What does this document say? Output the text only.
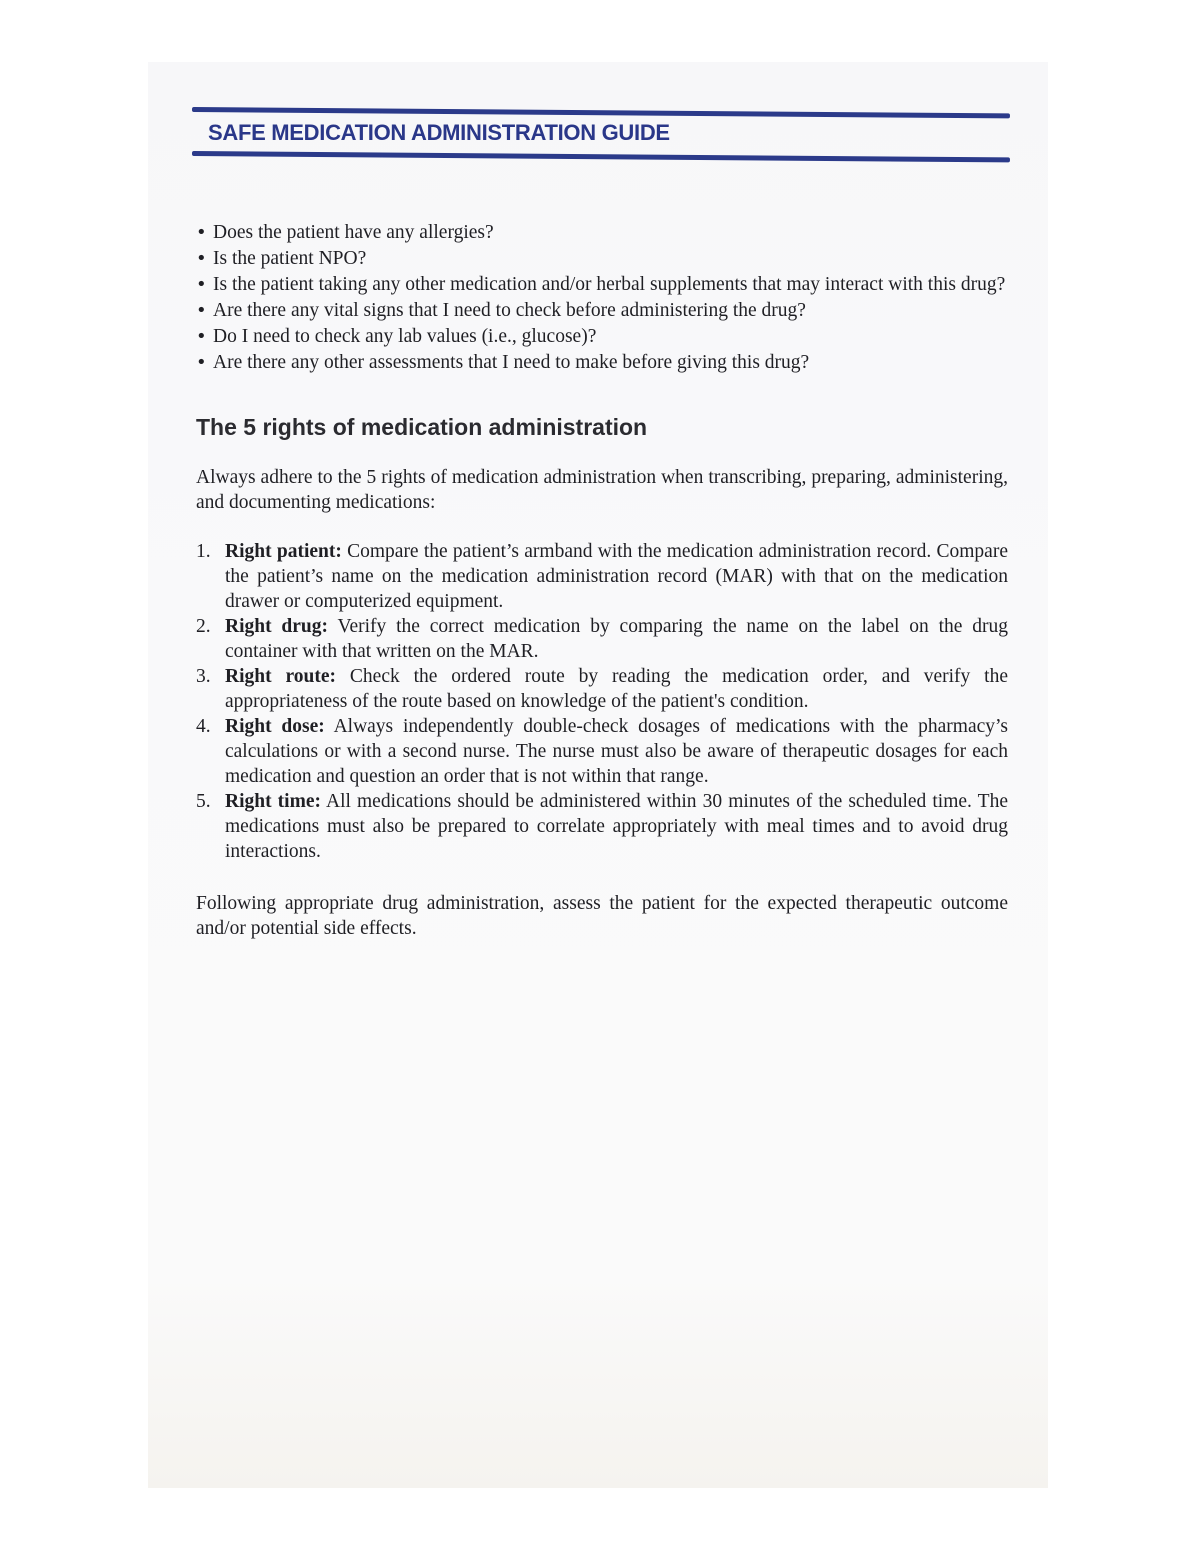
SAFE MEDICATION ADMINISTRATION GUIDE
• Does the patient have any allergies?
• Is the patient NPO?
• Is the patient taking any other medication and/or herbal supplements that may interact with this drug?
• Are there any vital signs that I need to check before administering the drug?
• Do I need to check any lab values (i.e., glucose)?
• Are there any other assessments that I need to make before giving this drug?
The 5 rights of medication administration

Always adhere to the 5 rights of medication administration when transcribing, preparing, administering, and documenting medications:

1. Right patient: Compare the patient’s armband with the medication administration record. Compare the patient’s name on the medication administration record (MAR) with that on the medication drawer or computerized equipment.
2. Right drug: Verify the correct medication by comparing the name on the label on the drug container with that written on the MAR.
3. Right route: Check the ordered route by reading the medication order, and verify the appropriateness of the route based on knowledge of the patient's condition.
4. Right dose: Always independently double-check dosages of medications with the pharmacy’s calculations or with a second nurse. The nurse must also be aware of therapeutic dosages for each medication and question an order that is not within that range.
5. Right time: All medications should be administered within 30 minutes of the scheduled time. The medications must also be prepared to correlate appropriately with meal times and to avoid drug interactions.

Following appropriate drug administration, assess the patient for the expected therapeutic outcome and/or potential side effects.
